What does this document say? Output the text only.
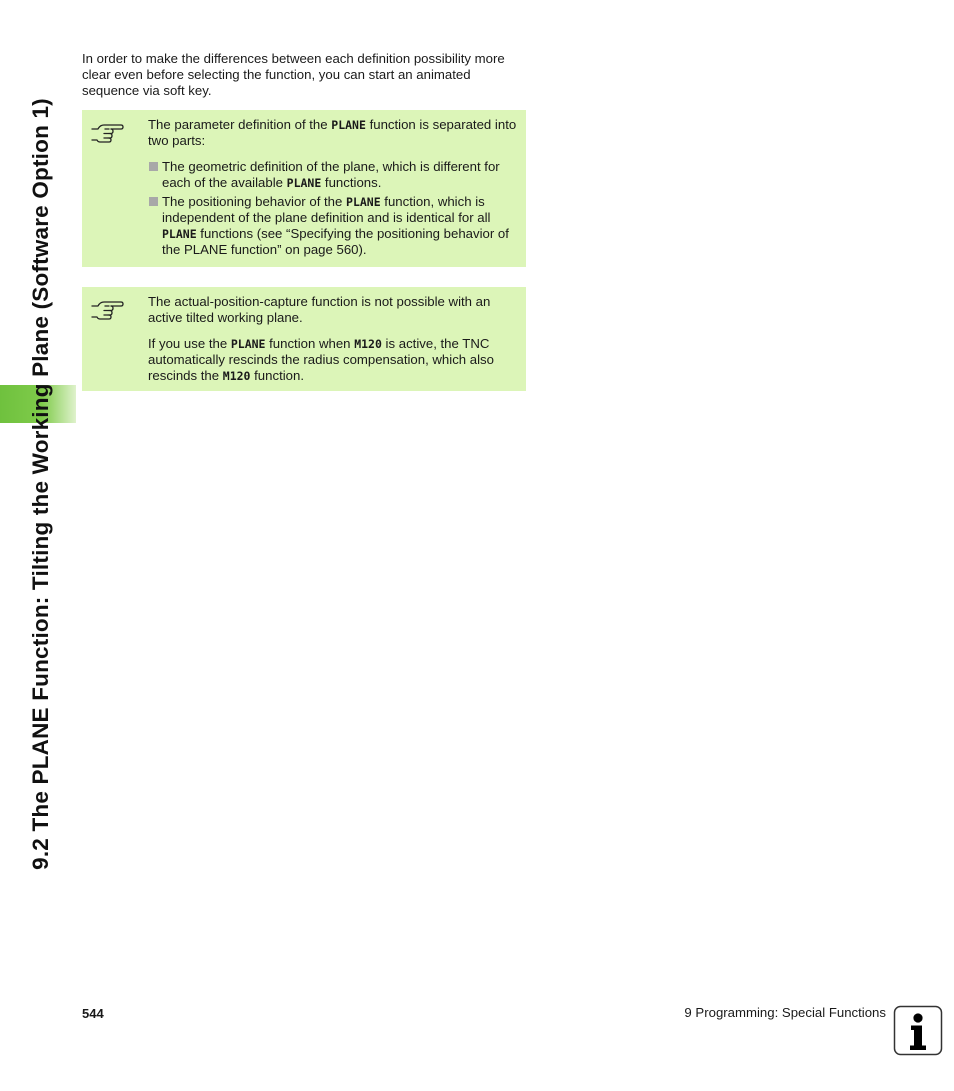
9.2 The PLANE Function: Tilting the Working Plane (Software Option 1)
In order to make the differences between each definition possibility more clear even before selecting the function, you can start an animated sequence via soft key.

The parameter definition of the PLANE function is separated into two parts:

The geometric definition of the plane, which is different for each of the available PLANE functions.
The positioning behavior of the PLANE function, which is independent of the plane definition and is identical for all PLANE functions (see “Specifying the positioning behavior of the PLANE function” on page 560).

The actual-position-capture function is not possible with an active tilted working plane.

If you use the PLANE function when M120 is active, the TNC automatically rescinds the radius compensation, which also rescinds the M120 function.

544	9 Programming: Special Functions
